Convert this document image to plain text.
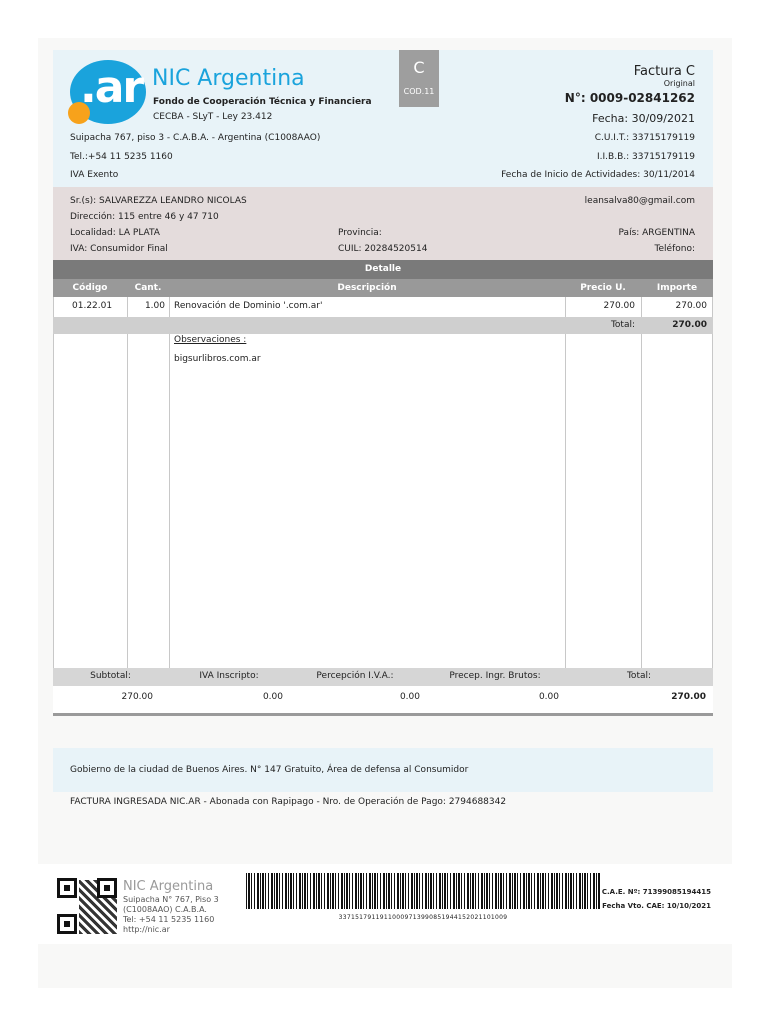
.ar NIC Argentina
Fondo de Cooperación Técnica y Financiera
CECBA - SLyT - Ley 23.412
Suipacha 767, piso 3 - C.A.B.A. - Argentina (C1008AAO)
Tel.:+54 11 5235 1160
IVA Exento
C
COD.11
Factura C
Original
N°: 0009-02841262
Fecha: 30/09/2021
C.U.I.T.: 33715179119
I.I.B.B.: 33715179119
Fecha de Inicio de Actividades: 30/11/2014
Sr.(s): SALVAREZZA LEANDRO NICOLAS	leansalva80@gmail.com
Dirección: 115 entre 46 y 47 710
Localidad: LA PLATA	Provincia:	País: ARGENTINA
IVA: Consumidor Final	CUIL: 20284520514	Teléfono:
Detalle
Código	Cant.	Descripción	Precio U.	Importe
01.22.01	1.00 Renovación de Dominio '.com.ar'	270.00	270.00
Total:	270.00
Observaciones :
bigsurlibros.com.ar
Subtotal:	IVA Inscripto:	Percepción I.V.A.:	Precep. Ingr. Brutos:	Total:
270.00	0.00	0.00	0.00	270.00
Gobierno de la ciudad de Buenos Aires. N° 147 Gratuito, Área de defensa al Consumidor
FACTURA INGRESADA NIC.AR - Abonada con Rapipago - Nro. de Operación de Pago: 2794688342
NIC Argentina
Suipacha N° 767, Piso 3
(C1008AAO) C.A.B.A.
Tel: +54 11 5235 1160
http://nic.ar
33715179119110009713990851944152021101009
C.A.E. Nº: 71399085194415
Fecha Vto. CAE: 10/10/2021
